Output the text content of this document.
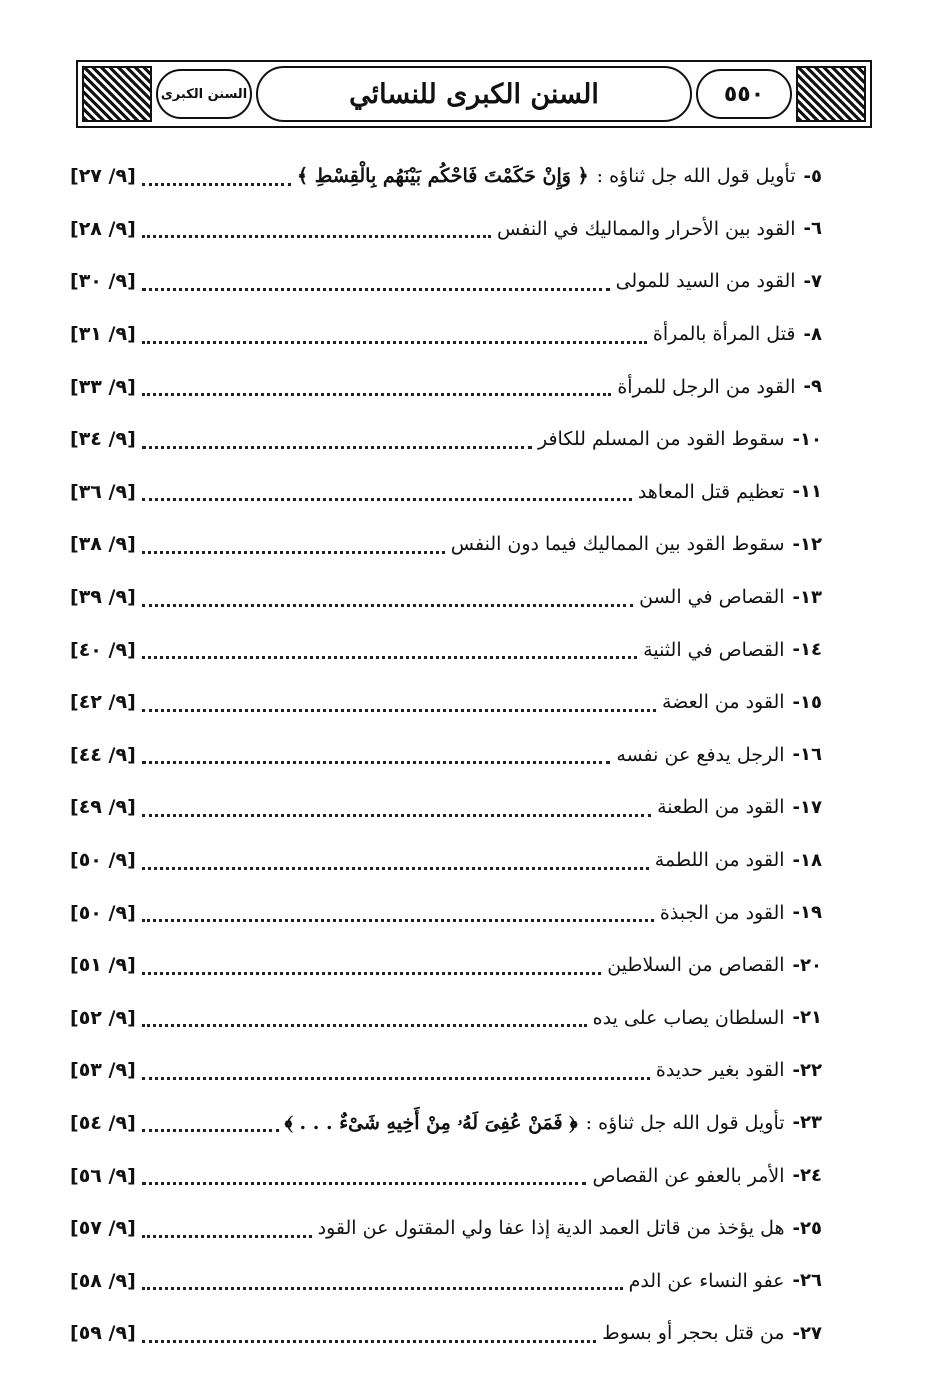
السنن الكبرى	السنن الكبرى للنسائي	٥٥٠
٥-
تأويل قول الله جل ثناؤه :
﴿ وَإِنْ حَكَمْتَ فَاحْكُم بَيْنَهُم بِالْقِسْطِ ﴾
[٩/ ٢٧]
٦-
القود بين الأحرار والمماليك في النفس
[٩/ ٢٨]
٧-
القود من السيد للمولى
[٩/ ٣٠]
٨-
قتل المرأة بالمرأة
[٩/ ٣١]
٩-
القود من الرجل للمرأة
[٩/ ٣٣]
١٠-
سقوط القود من المسلم للكافر
[٩/ ٣٤]
١١-
تعظيم قتل المعاهد
[٩/ ٣٦]
١٢-
سقوط القود بين المماليك فيما دون النفس
[٩/ ٣٨]
١٣-
القصاص في السن
[٩/ ٣٩]
١٤-
القصاص في الثنية
[٩/ ٤٠]
١٥-
القود من العضة
[٩/ ٤٢]
١٦-
الرجل يدفع عن نفسه
[٩/ ٤٤]
١٧-
القود من الطعنة
[٩/ ٤٩]
١٨-
القود من اللطمة
[٩/ ٥٠]
١٩-
القود من الجبذة
[٩/ ٥٠]
٢٠-
القصاص من السلاطين
[٩/ ٥١]
٢١-
السلطان يصاب على يده
[٩/ ٥٢]
٢٢-
القود بغير حديدة
[٩/ ٥٣]
٢٣-
تأويل قول الله جل ثناؤه :
﴿ فَمَنْ عُفِىَ لَهُۥ مِنْ أَخِيهِ شَىْءٌ . . . ﴾
[٩/ ٥٤]
٢٤-
الأمر بالعفو عن القصاص
[٩/ ٥٦]
٢٥-
هل يؤخذ من قاتل العمد الدية إذا عفا ولي المقتول عن القود
[٩/ ٥٧]
٢٦-
عفو النساء عن الدم
[٩/ ٥٨]
٢٧-
من قتل بحجر أو بسوط
[٩/ ٥٩]
